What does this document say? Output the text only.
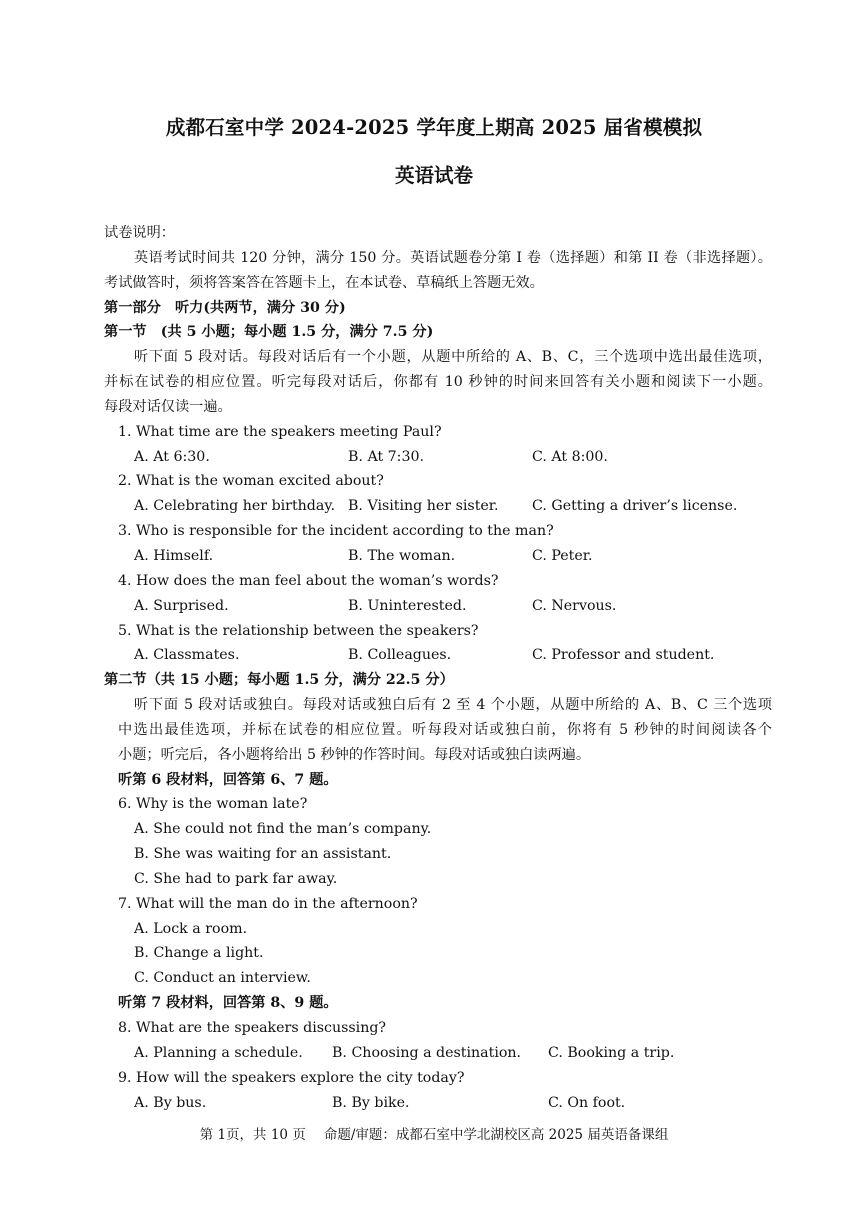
成都石室中学 2024-2025 学年度上期高 2025 届省模模拟
英语试卷
试卷说明：
英语考试时间共 120 分钟，满分 150 分。英语试题卷分第 I 卷（选择题）和第 II 卷（非选择题）。
考试做答时，须将答案答在答题卡上，在本试卷、草稿纸上答题无效。
第一部分　听力(共两节，满分 30 分)
第一节　(共 5 小题；每小题 1.5 分，满分 7.5 分)
听下面 5 段对话。每段对话后有一个小题，从题中所给的 A、B、C，三个选项中选出最佳选项，
并标在试卷的相应位置。听完每段对话后，你都有 10 秒钟的时间来回答有关小题和阅读下一小题。
每段对话仅读一遍。
1. What time are the speakers meeting Paul?
A. At 6:30.	B. At 7:30.	C. At 8:00.
2. What is the woman excited about?
A. Celebrating her birthday. B. Visiting her sister. C. Getting a driver’s license.
3. Who is responsible for the incident according to the man?
A. Himself.	B. The woman.	C. Peter.
4. How does the man feel about the woman’s words?
A. Surprised.	B. Uninterested.	C. Nervous.
5. What is the relationship between the speakers?
A. Classmates.	B. Colleagues.	C. Professor and student.
第二节（共 15 小题；每小题 1.5 分，满分 22.5 分）
听下面 5 段对话或独白。每段对话或独白后有 2 至 4 个小题，从题中所给的 A、B、C 三个选项
中选出最佳选项，并标在试卷的相应位置。听每段对话或独白前，你将有 5 秒钟的时间阅读各个
小题；听完后，各小题将给出 5 秒钟的作答时间。每段对话或独白读两遍。
听第 6 段材料，回答第 6、7 题。
6. Why is the woman late?
A. She could not find the man’s company.
B. She was waiting for an assistant.
C. She had to park far away.
7. What will the man do in the afternoon?
A. Lock a room.
B. Change a light.
C. Conduct an interview.
听第 7 段材料，回答第 8、9 题。
8. What are the speakers discussing?
A. Planning a schedule. B. Choosing a destination. C. Booking a trip.
9. How will the speakers explore the city today?
A. By bus.	B. By bike.	C. On foot.
第 1页，共 10 页 命题/审题：成都石室中学北湖校区高 2025 届英语备课组
